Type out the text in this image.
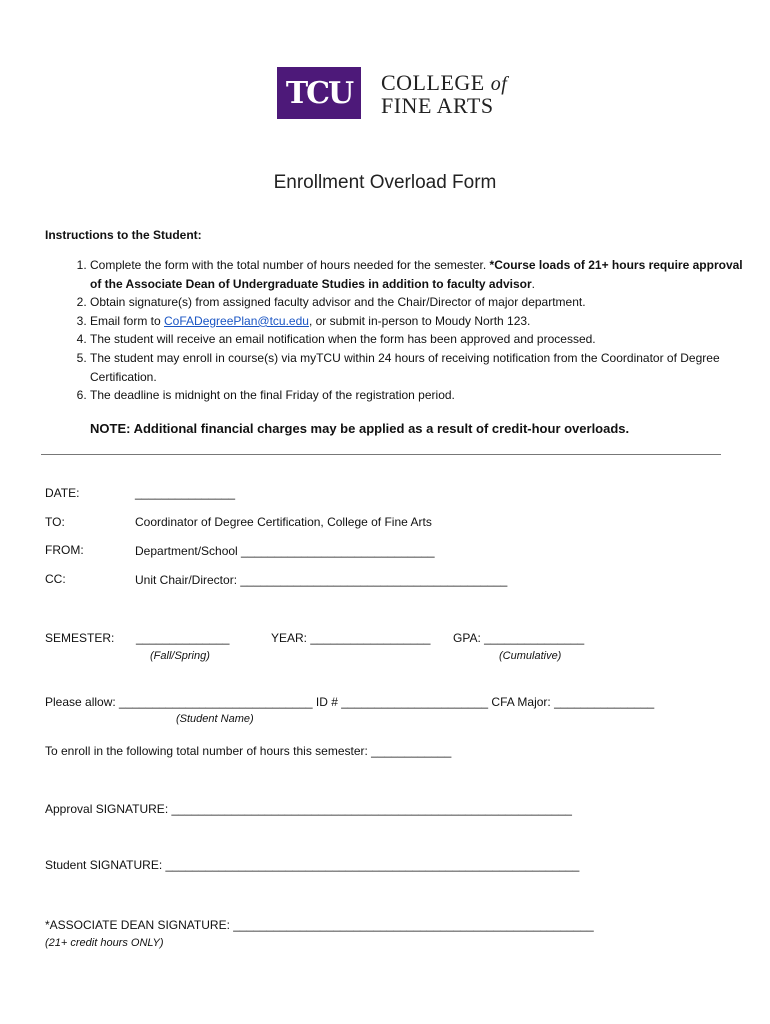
TCU COLLEGE of
FINE ARTS
Enrollment Overload Form
Instructions to the Student:
1. Complete the form with the total number of hours needed for the semester. *Course loads of 21+ hours require approval of the Associate Dean of Undergraduate Studies in addition to faculty advisor.
2. Obtain signature(s) from assigned faculty advisor and the Chair/Director of major department.
3. Email form to CoFADegreePlan@tcu.edu, or submit in-person to Moudy North 123.
4. The student will receive an email notification when the form has been approved and processed.
5. The student may enroll in course(s) via myTCU within 24 hours of receiving notification from the Coordinator of Degree Certification.
6. The deadline is midnight on the final Friday of the registration period.
NOTE: Additional financial charges may be applied as a result of credit-hour overloads.
DATE:	_______________
TO:	Coordinator of Degree Certification, College of Fine Arts
FROM:	Department/School _____________________________
CC:	Unit Chair/Director: ________________________________________
SEMESTER: ______________
(Fall/Spring)
YEAR: __________________ GPA: _______________
(Cumulative)
Please allow: _____________________________ ID # ______________________ CFA Major: _______________
(Student Name)
To enroll in the following total number of hours this semester: ____________
Approval SIGNATURE: ____________________________________________________________
Student SIGNATURE: ______________________________________________________________
*ASSOCIATE DEAN SIGNATURE: ______________________________________________________
(21+ credit hours ONLY)
